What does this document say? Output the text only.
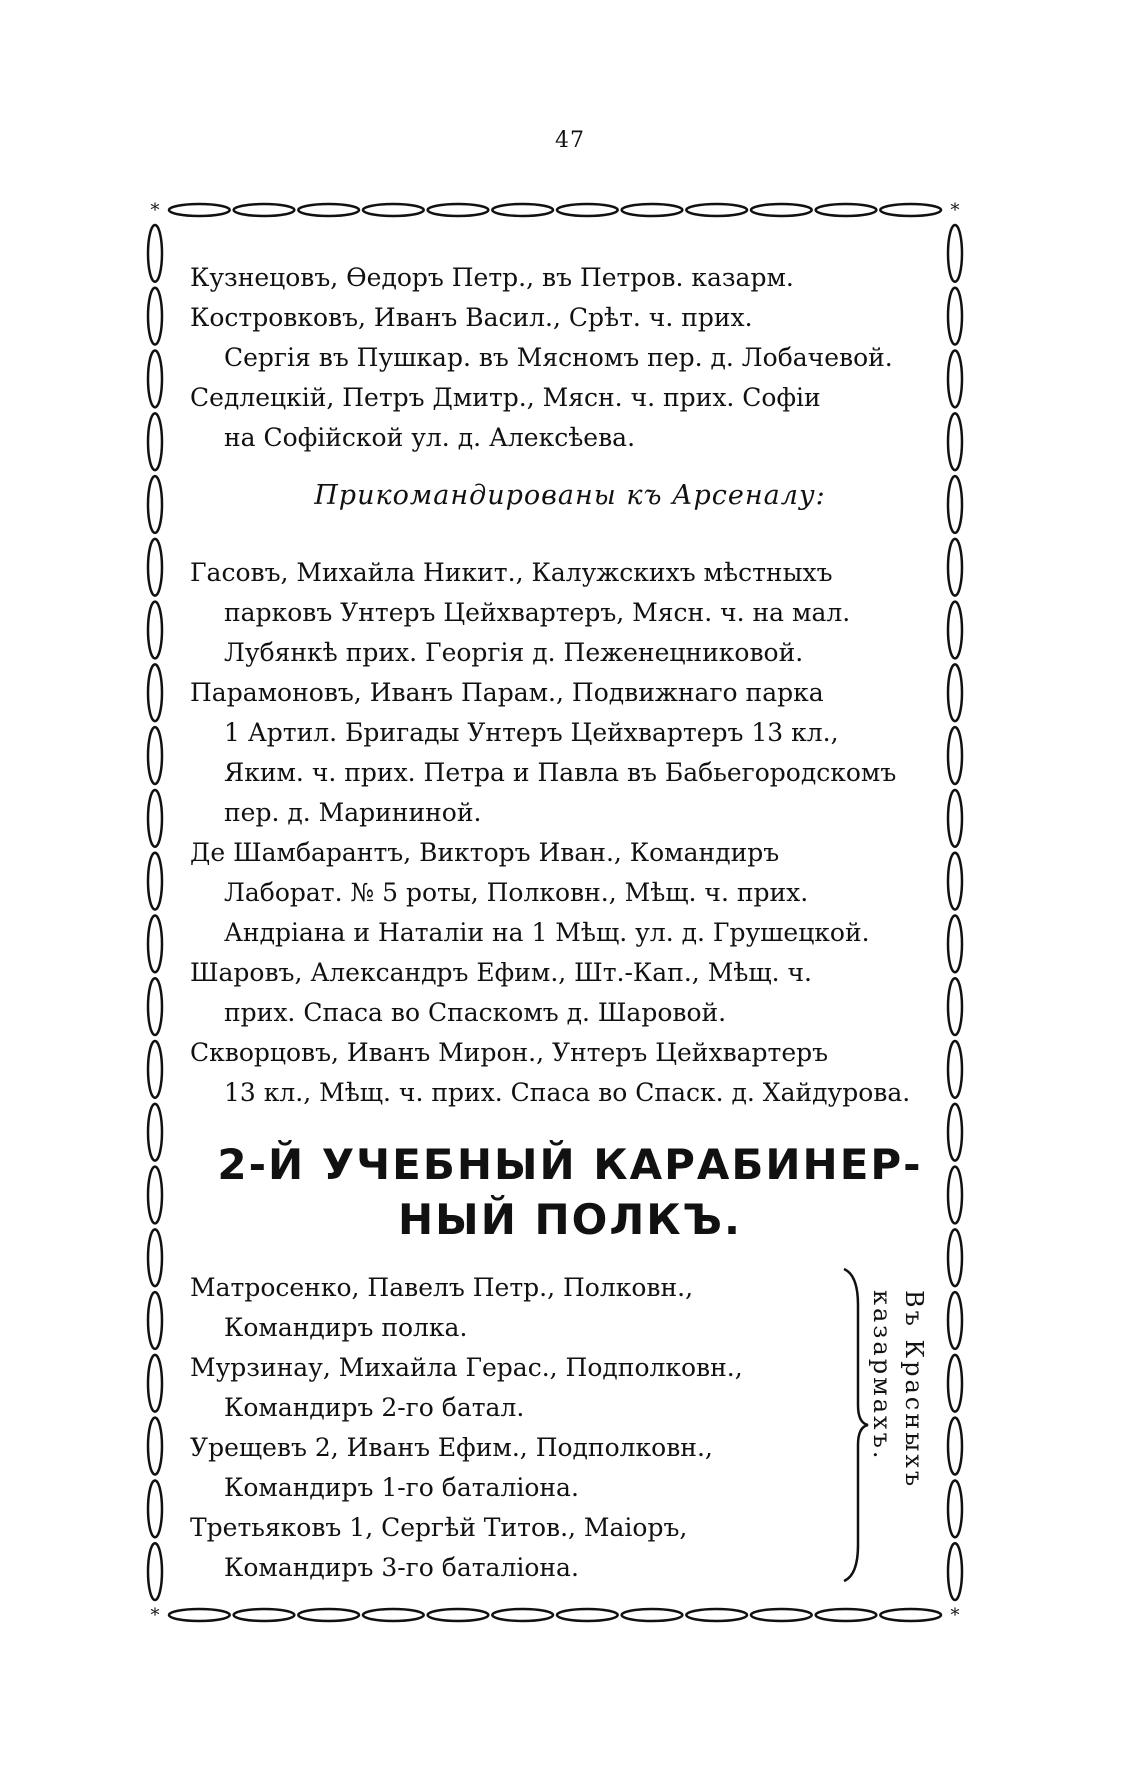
47
*	*
*	*
Кузнецовъ, Ѳедоръ Петр., въ Петров. казарм.
Костровковъ, Иванъ Васил., Срѣт. ч. прих.
Сергія въ Пушкар. въ Мясномъ пер. д. Лобачевой.
Седлецкій, Петръ Дмитр., Мясн. ч. прих. Софіи
на Софійской ул. д. Алексѣева.
Прикомандированы къ Арсеналу:
Гасовъ, Михайла Никит., Калужскихъ мѣстныхъ
парковъ Унтеръ Цейхвартеръ, Мясн. ч. на мал.
Лубянкѣ прих. Георгія д. Пеженецниковой.
Парамоновъ, Иванъ Парам., Подвижнаго парка
1 Артил. Бригады Унтеръ Цейхвартеръ 13 кл.,
Яким. ч. прих. Петра и Павла въ Бабьегородскомъ
пер. д. Марининой.
Де Шамбарантъ, Викторъ Иван., Командиръ
Лаборат. № 5 роты, Полковн., Мѣщ. ч. прих.
Андріана и Наталіи на 1 Мѣщ. ул. д. Грушецкой.
Шаровъ, Александръ Ефим., Шт.-Кап., Мѣщ. ч.
прих. Спаса во Спаскомъ д. Шаровой.
Скворцовъ, Иванъ Мирон., Унтеръ Цейхвартеръ
13 кл., Мѣщ. ч. прих. Спаса во Спаск. д. Хайдурова.
2-Й УЧЕБНЫЙ КАРАБИНЕР-
НЫЙ ПОЛКЪ.
Матросенко, Павелъ Петр., Полковн.,
Командиръ полка.
Мурзинау, Михайла Герас., Подполковн.,
Командиръ 2-го батал.
Урещевъ 2, Иванъ Ефим., Подполковн.,
Командиръ 1-го баталіона.
Третьяковъ 1, Сергѣй Титов., Маіоръ,
Командиръ 3-го баталіона.
Въ Красныхъ
казармахъ.
